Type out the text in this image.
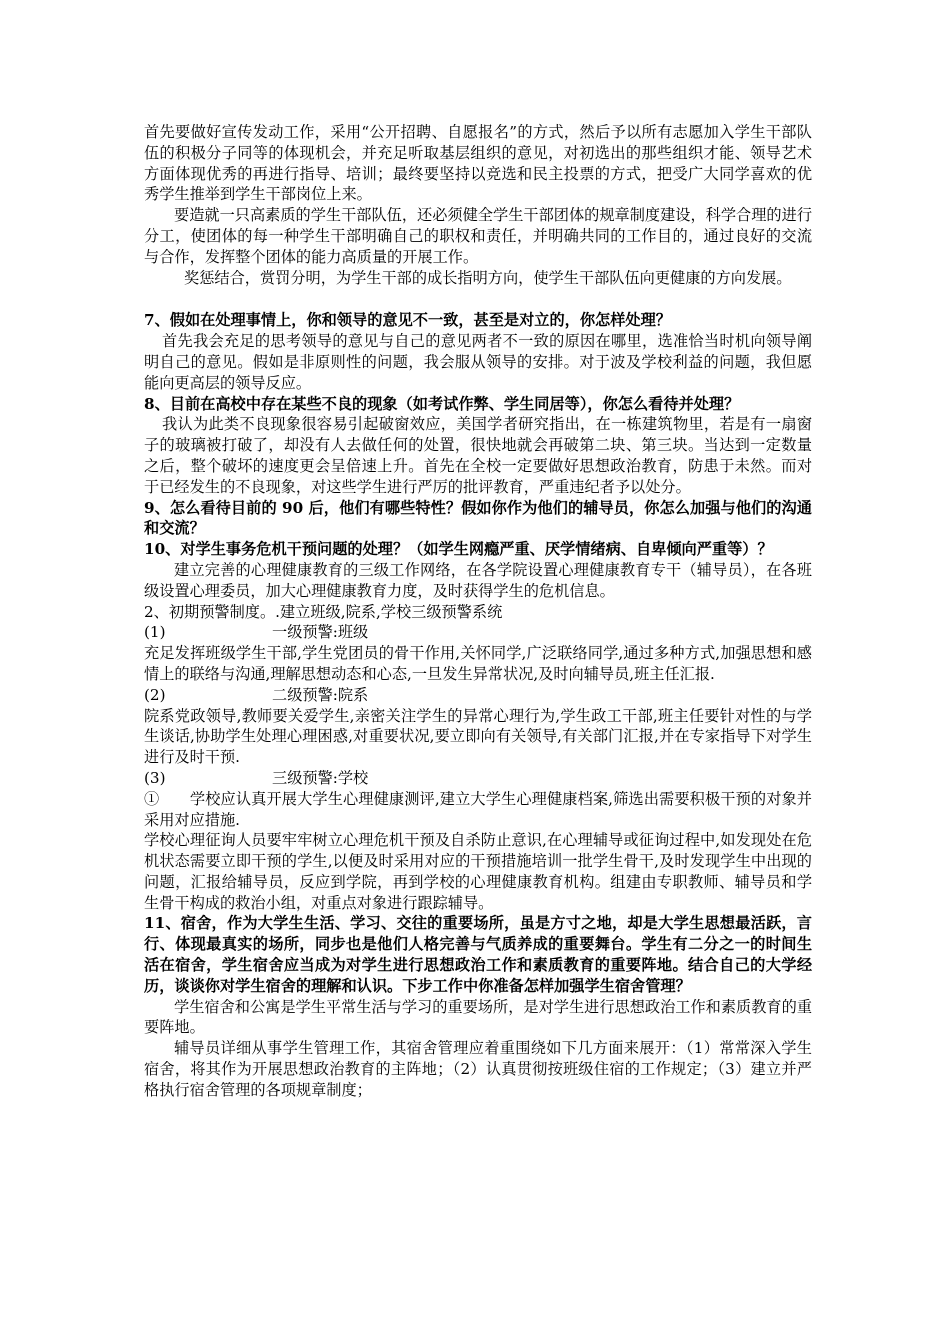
首先要做好宣传发动工作，采用“公开招聘、自愿报名”的方式，然后予以所有志愿加入学生干部队伍的积极分子同等的体现机会，并充足听取基层组织的意见，对初选出的那些组织才能、领导艺术方面体现优秀的再进行指导、培训；最终要坚持以竞选和民主投票的方式，把受广大同学喜欢的优秀学生推举到学生干部岗位上来。

要造就一只高素质的学生干部队伍，还必须健全学生干部团体的规章制度建设，科学合理的进行分工，使团体的每一种学生干部明确自己的职权和责任，并明确共同的工作目的，通过良好的交流与合作，发挥整个团体的能力高质量的开展工作。

奖惩结合，赏罚分明，为学生干部的成长指明方向，使学生干部队伍向更健康的方向发展。

7、假如在处理事情上，你和领导的意见不一致，甚至是对立的，你怎样处理？

首先我会充足的思考领导的意见与自己的意见两者不一致的原因在哪里，选准恰当时机向领导阐明自己的意见。假如是非原则性的问题，我会服从领导的安排。对于波及学校利益的问题，我但愿能向更高层的领导反应。

8、目前在高校中存在某些不良的现象（如考试作弊、学生同居等），你怎么看待并处理？

我认为此类不良现象很容易引起破窗效应，美国学者研究指出，在一栋建筑物里，若是有一扇窗子的玻璃被打破了，却没有人去做任何的处置，很快地就会再破第二块、第三块。当达到一定数量之后，整个破坏的速度更会呈倍速上升。首先在全校一定要做好思想政治教育，防患于未然。而对于已经发生的不良现象，对这些学生进行严厉的批评教育，严重违纪者予以处分。

9、怎么看待目前的 90 后，他们有哪些特性？假如你作为他们的辅导员，你怎么加强与他们的沟通和交流？

10、对学生事务危机干预问题的处理？（如学生网瘾严重、厌学情绪病、自卑倾向严重等）？

建立完善的心理健康教育的三级工作网络，在各学院设置心理健康教育专干（辅导员），在各班级设置心理委员，加大心理健康教育力度，及时获得学生的危机信息。

2、初期预警制度。.建立班级,院系,学校三级预警系统

(1)	一级预警:班级

充足发挥班级学生干部,学生党团员的骨干作用,关怀同学,广泛联络同学,通过多种方式,加强思想和感情上的联络与沟通,理解思想动态和心态,一旦发生异常状况,及时向辅导员,班主任汇报.

(2)	二级预警:院系

院系党政领导,教师要关爱学生,亲密关注学生的异常心理行为,学生政工干部,班主任要针对性的与学生谈话,协助学生处理心理困惑,对重要状况,要立即向有关领导,有关部门汇报,并在专家指导下对学生进行及时干预.

(3)	三级预警:学校

①　　学校应认真开展大学生心理健康测评,建立大学生心理健康档案,筛选出需要积极干预的对象并采用对应措施.

学校心理征询人员要牢牢树立心理危机干预及自杀防止意识,在心理辅导或征询过程中,如发现处在危机状态需要立即干预的学生,以便及时采用对应的干预措施培训一批学生骨干,及时发现学生中出现的问题，汇报给辅导员，反应到学院，再到学校的心理健康教育机构。组建由专职教师、辅导员和学生骨干构成的救治小组，对重点对象进行跟踪辅导。

11、宿舍，作为大学生生活、学习、交往的重要场所，虽是方寸之地，却是大学生思想最活跃，言行、体现最真实的场所，同步也是他们人格完善与气质养成的重要舞台。学生有二分之一的时间生活在宿舍，学生宿舍应当成为对学生进行思想政治工作和素质教育的重要阵地。结合自己的大学经历，谈谈你对学生宿舍的理解和认识。下步工作中你准备怎样加强学生宿舍管理？

学生宿舍和公寓是学生平常生活与学习的重要场所，是对学生进行思想政治工作和素质教育的重要阵地。

辅导员详细从事学生管理工作，其宿舍管理应着重围绕如下几方面来展开：（1）常常深入学生宿舍，将其作为开展思想政治教育的主阵地；（2）认真贯彻按班级住宿的工作规定；（3）建立并严格执行宿舍管理的各项规章制度；
